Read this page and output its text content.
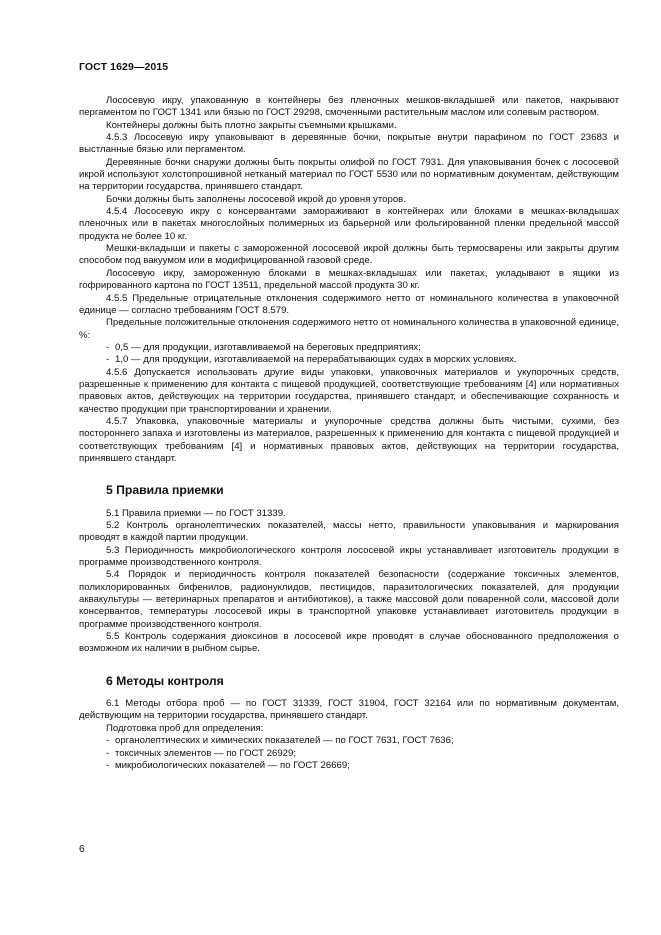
ГОСТ 1629—2015

Лососевую икру, упакованную в контейнеры без пленочных мешков-вкладышей или пакетов, накрывают пергаментом по ГОСТ 1341 или бязью по ГОСТ 29298, смоченными растительным маслом или солевым раствором.

Контейнеры должны быть плотно закрыты съемными крышками.

4.5.3 Лососевую икру упаковывают в деревянные бочки, покрытые внутри парафином по ГОСТ 23683 и выстланные бязью или пергаментом.

Деревянные бочки снаружи должны быть покрыты олифой по ГОСТ 7931. Для упаковывания бочек с лососевой икрой используют холстопрошивной нетканый материал по ГОСТ 5530 или по нормативным документам, действующим на территории государства, принявшего стандарт.

Бочки должны быть заполнены лососевой икрой до уровня уторов.

4.5.4 Лососевую икру с консервантами замораживают в контейнерах или блоками в мешках-вкладышах пленочных или в пакетах многослойных полимерных из барьерной или фольгированной пленки предельной массой продукта не более 10 кг.

Мешки-вкладыши и пакеты с замороженной лососевой икрой должны быть термосварены или закрыты другим способом под вакуумом или в модифицированной газовой среде.

Лососевую икру, замороженную блоками в мешках-вкладышах или пакетах, укладывают в ящики из гофрированного картона по ГОСТ 13511, предельной массой продукта 30 кг.

4.5.5 Предельные отрицательные отклонения содержимого нетто от номинального количества в упаковочной единице — согласно требованиям ГОСТ 8.579.

Предельные положительные отклонения содержимого нетто от номинального количества в упаковочной единице, %:

- 0,5 — для продукции, изготавливаемой на береговых предприятиях;

- 1,0 — для продукции, изготавливаемой на перерабатывающих судах в морских условиях.

4.5.6 Допускается использовать другие виды упаковки, упаковочных материалов и укупорочных средств, разрешенные к применению для контакта с пищевой продукцией, соответствующие требованиям [4] или нормативных правовых актов, действующих на территории государства, принявшего стандарт, и обеспечивающие сохранность и качество продукции при транспортировании и хранении.

4.5.7 Упаковка, упаковочные материалы и укупорочные средства должны быть чистыми, сухими, без постороннего запаха и изготовлены из материалов, разрешенных к применению для контакта с пищевой продукцией и соответствующих требованиям [4] и нормативных правовых актов, действующих на территории государства, принявшего стандарт.

5 Правила приемки

5.1 Правила приемки — по ГОСТ 31339.

5.2 Контроль органолептических показателей, массы нетто, правильности упаковывания и маркирования проводят в каждой партии продукции.

5.3 Периодичность микробиологического контроля лососевой икры устанавливает изготовитель продукции в программе производственного контроля.

5.4 Порядок и периодичность контроля показателей безопасности (содержание токсичных элементов, полихлорированных бифенилов, радионуклидов, пестицидов, паразитологических показателей, для продукции аквакультуры — ветеринарных препаратов и антибиотиков), а также массовой доли поваренной соли, массовой доли консервантов, температуры лососевой икры в транспортной упаковке устанавливает изготовитель продукции в программе производственного контроля.

5.5 Контроль содержания диоксинов в лососевой икре проводят в случае обоснованного предположения о возможном их наличии в рыбном сырье.

6 Методы контроля

6.1 Методы отбора проб — по ГОСТ 31339, ГОСТ 31904, ГОСТ 32164 или по нормативным документам, действующим на территории государства, принявшего стандарт.

Подготовка проб для определения:

- органолептических и химических показателей — по ГОСТ 7631, ГОСТ 7636;

- токсичных элементов — по ГОСТ 26929;

- микробиологических показателей — по ГОСТ 26669;

6
